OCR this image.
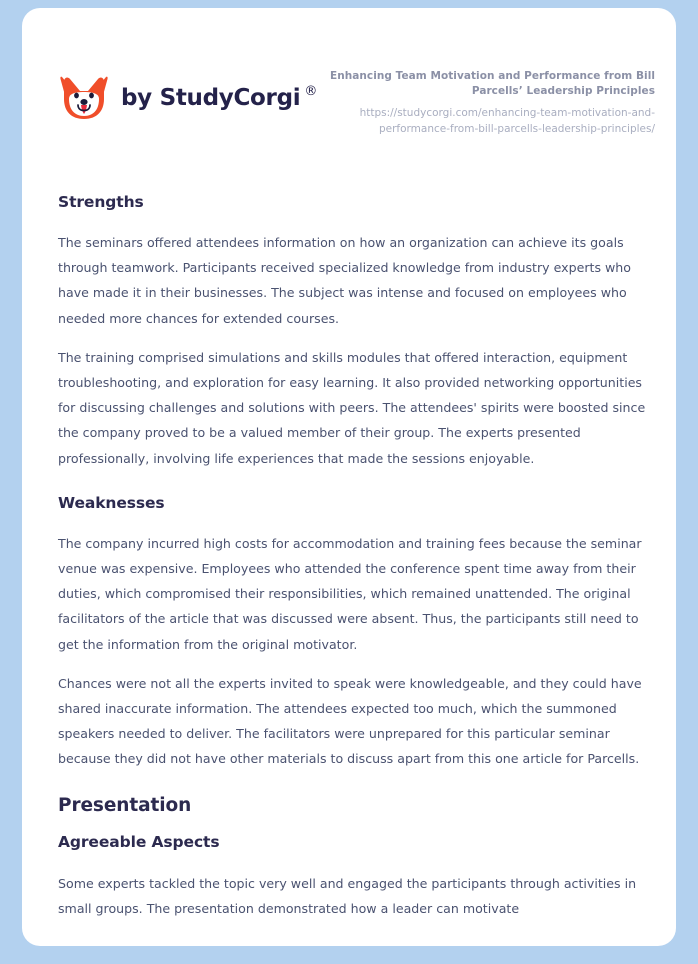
by StudyCorgi ®
Enhancing Team Motivation and Performance from Bill Parcells’ Leadership Principles
https://studycorgi.com/enhancing-team-motivation-and-performance-from-bill-parcells-leadership-principles/
Strengths

The seminars offered attendees information on how an organization can achieve its goals through teamwork. Participants received specialized knowledge from industry experts who have made it in their businesses. The subject was intense and focused on employees who needed more chances for extended courses.

The training comprised simulations and skills modules that offered interaction, equipment troubleshooting, and exploration for easy learning. It also provided networking opportunities for discussing challenges and solutions with peers. The attendees' spirits were boosted since the company proved to be a valued member of their group. The experts presented professionally, involving life experiences that made the sessions enjoyable.

Weaknesses

The company incurred high costs for accommodation and training fees because the seminar venue was expensive. Employees who attended the conference spent time away from their duties, which compromised their responsibilities, which remained unattended. The original facilitators of the article that was discussed were absent. Thus, the participants still need to get the information from the original motivator.

Chances were not all the experts invited to speak were knowledgeable, and they could have shared inaccurate information. The attendees expected too much, which the summoned speakers needed to deliver. The facilitators were unprepared for this particular seminar because they did not have other materials to discuss apart from this one article for Parcells.

Presentation
Agreeable Aspects

Some experts tackled the topic very well and engaged the participants through activities in small groups. The presentation demonstrated how a leader can motivate
